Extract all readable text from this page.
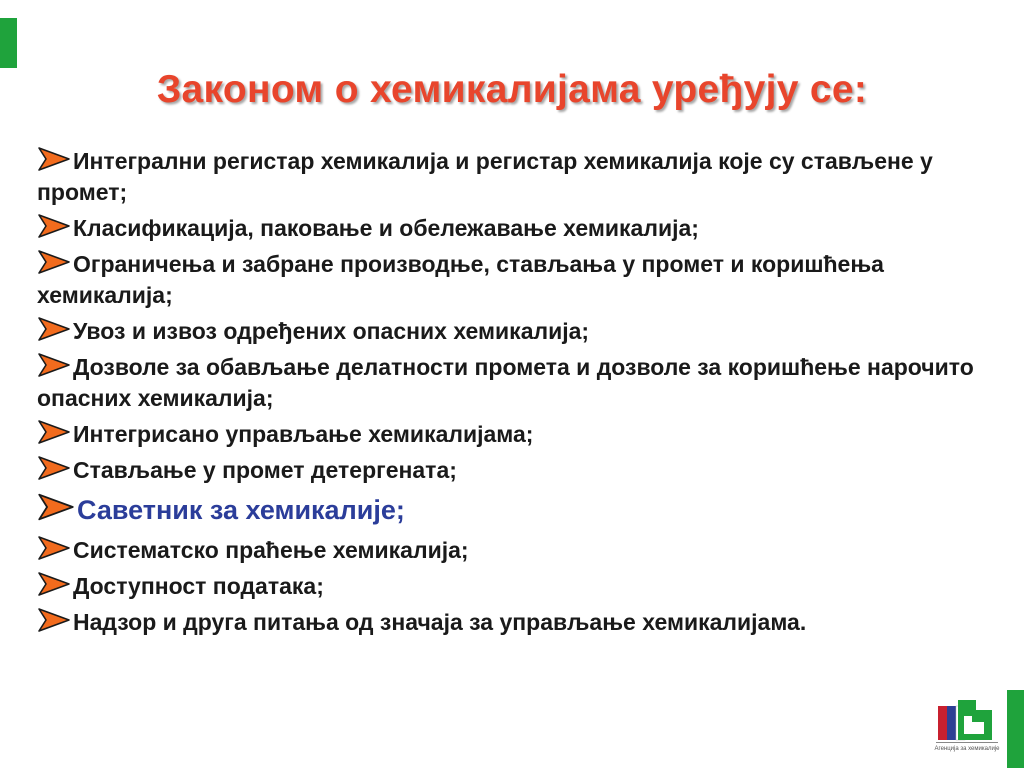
Законом о хемикалијама уређују се:
Интегрални регистар хемикалија и регистар хемикалија које су стављене у промет;
Класификација, паковање и обележавање хемикалија;
Ограничења и забране производње, стављања у промет и коришћења хемикалија;
Увоз и извоз одређених опасних хемикалија;
Дозволе за обављање делатности промета и дозволе за коришћење нарочито опасних хемикалија;
Интегрисано управљање хемикалијама;
Стављање у промет детергената;
Саветник за хемикалије;
Систематско праћење хемикалија;
Доступност података;
Надзор и друга питања од значаја за управљање хемикалијама.
Агенција за хемикалије
